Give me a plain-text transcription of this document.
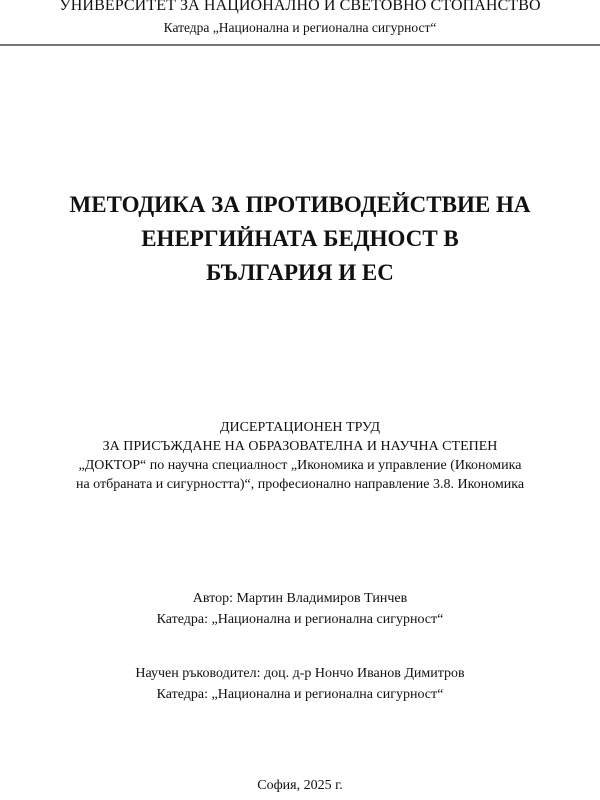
УНИВЕРСИТЕТ ЗА НАЦИОНАЛНО И СВЕТОВНО СТОПАНСТВО
Катедра „Национална и регионална сигурност“
МЕТОДИКА ЗА ПРОТИВОДЕЙСТВИЕ НА
ЕНЕРГИЙНАТА БЕДНОСТ В
БЪЛГАРИЯ И ЕС
ДИСЕРТАЦИОНЕН ТРУД
ЗА ПРИСЪЖДАНЕ НА ОБРАЗОВАТЕЛНА И НАУЧНА СТЕПЕН
„ДОКТОР“ по научна специалност „Икономика и управление (Икономика
на отбраната и сигурността)“, професионално направление 3.8. Икономика
Автор: Мартин Владимиров Тинчев
Катедра: „Национална и регионална сигурност“
Научен ръководител: доц. д-р Нончо Иванов Димитров
Катедра: „Национална и регионална сигурност“
София, 2025 г.
